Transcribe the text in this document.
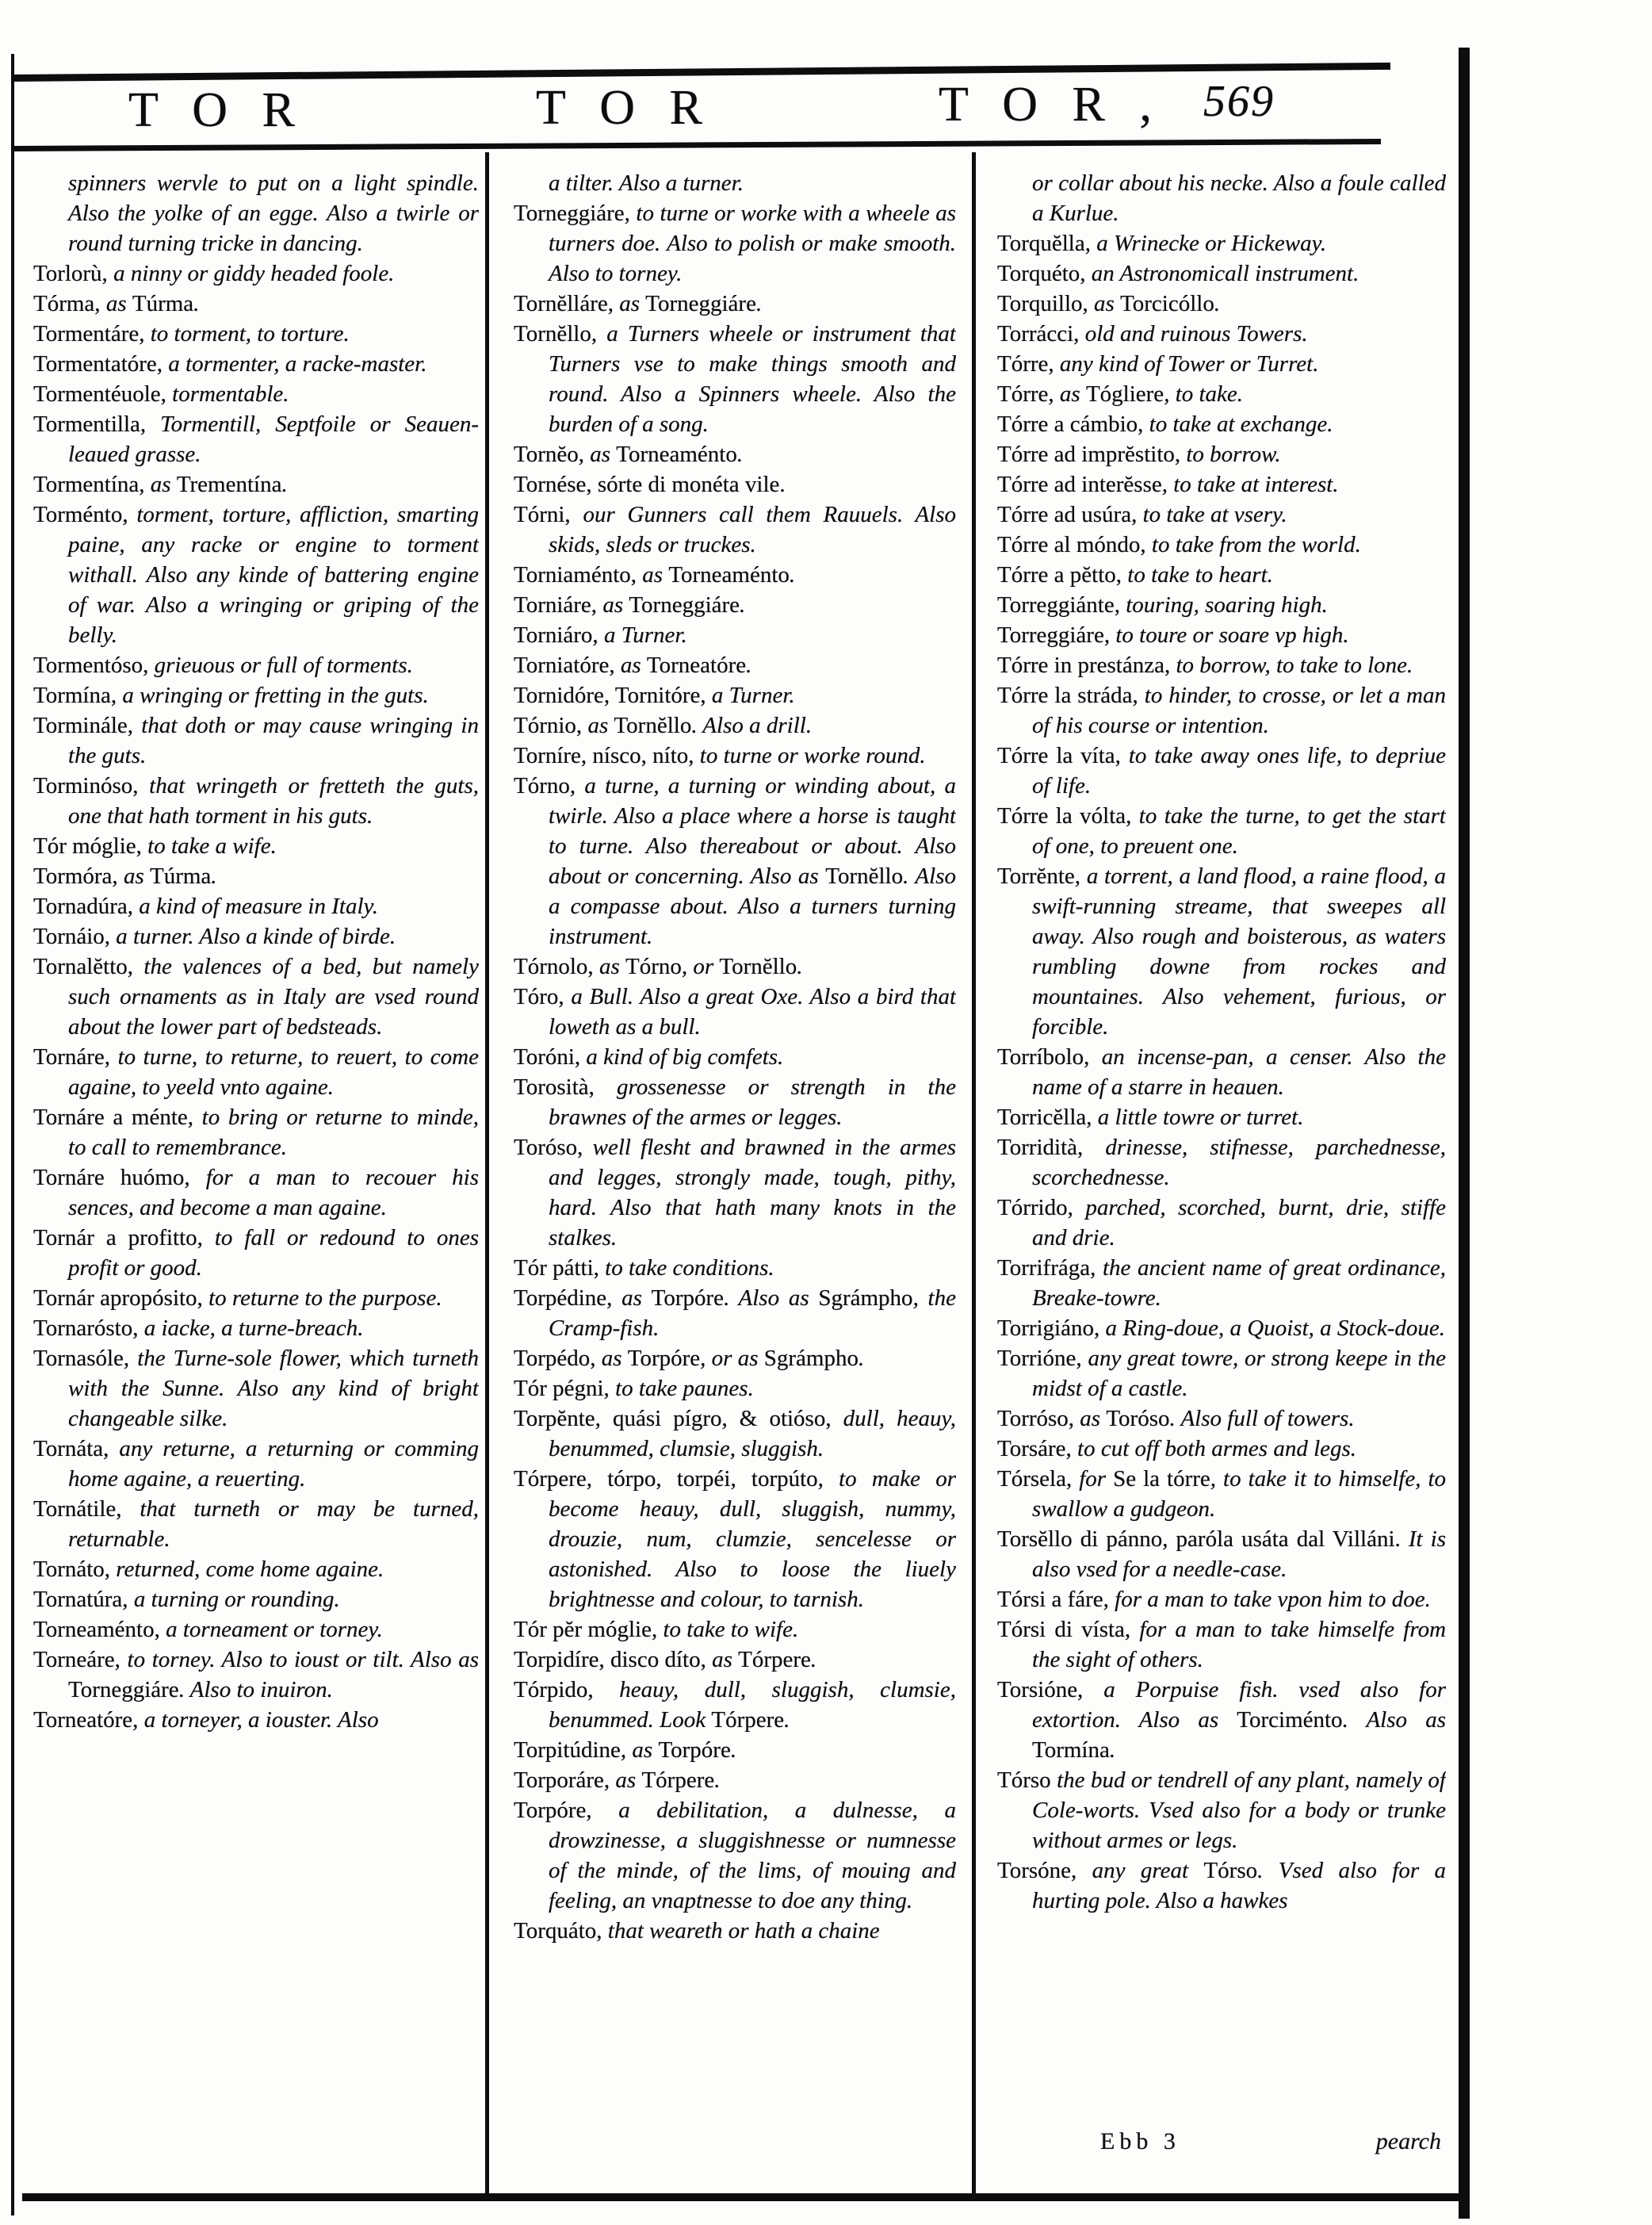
T O R	T O R	T O R , 569
spinners wervle to put on a light spindle. Also the yolke of an egge. Also a twirle or round turning tricke in dancing.
Torlorù, a ninny or giddy headed foole.
Tórma, as Túrma.
Tormentáre, to torment, to torture.
Tormentatóre, a tormenter, a racke-master.
Tormentéuole, tormentable.
Tormentilla, Tormentill, Septfoile or Seauen-leaued grasse.
Tormentína, as Trementína.
Torménto, torment, torture, affliction, smarting paine, any racke or engine to torment withall. Also any kinde of battering engine of war. Also a wringing or griping of the belly.
Tormentóso, grieuous or full of torments.
Tormína, a wringing or fretting in the guts.
Torminále, that doth or may cause wringing in the guts.
Torminóso, that wringeth or fretteth the guts, one that hath torment in his guts.
Tór móglie, to take a wife.
Tormóra, as Túrma.
Tornadúra, a kind of measure in Italy.
Tornáio, a turner. Also a kinde of birde.
Tornalĕtto, the valences of a bed, but namely such ornaments as in Italy are vsed round about the lower part of bedsteads.
Tornáre, to turne, to returne, to reuert, to come againe, to yeeld vnto againe.
Tornáre a ménte, to bring or returne to minde, to call to remembrance.
Tornáre huómo, for a man to recouer his sences, and become a man againe.
Tornár a profitto, to fall or redound to ones profit or good.
Tornár apropósito, to returne to the purpose.
Tornarósto, a iacke, a turne-breach.
Tornasóle, the Turne-sole flower, which turneth with the Sunne. Also any kind of bright changeable silke.
Tornáta, any returne, a returning or comming home againe, a reuerting.
Tornátile, that turneth or may be turned, returnable.
Tornáto, returned, come home againe.
Tornatúra, a turning or rounding.
Torneaménto, a torneament or torney.
Torneáre, to torney. Also to ioust or tilt. Also as Torneggiáre. Also to inuiron.
Torneatóre, a torneyer, a iouster. Also
a tilter. Also a turner.
Torneggiáre, to turne or worke with a wheele as turners doe. Also to polish or make smooth. Also to torney.
Tornĕlláre, as Torneggiáre.
Tornĕllo, a Turners wheele or instrument that Turners vse to make things smooth and round. Also a Spinners wheele. Also the burden of a song.
Tornĕo, as Torneaménto.
Tornése, sórte di monéta vile.
Tórni, our Gunners call them Rauuels. Also skids, sleds or truckes.
Torniaménto, as Torneaménto.
Torniáre, as Torneggiáre.
Torniáro, a Turner.
Torniatóre, as Torneatóre.
Tornidóre, Tornitóre, a Turner.
Tórnio, as Tornĕllo. Also a drill.
Torníre, nísco, níto, to turne or worke round.
Tórno, a turne, a turning or winding about, a twirle. Also a place where a horse is taught to turne. Also thereabout or about. Also about or concerning. Also as Tornĕllo. Also a compasse about. Also a turners turning instrument.
Tórnolo, as Tórno, or Tornĕllo.
Tóro, a Bull. Also a great Oxe. Also a bird that loweth as a bull.
Toróni, a kind of big comfets.
Torosità, grossenesse or strength in the brawnes of the armes or legges.
Toróso, well flesht and brawned in the armes and legges, strongly made, tough, pithy, hard. Also that hath many knots in the stalkes.
Tór pátti, to take conditions.
Torpédine, as Torpóre. Also as Sgrámpho, the Cramp-fish.
Torpédo, as Torpóre, or as Sgrámpho.
Tór pégni, to take paunes.
Torpĕnte, quási pígro, & otióso, dull, heauy, benummed, clumsie, sluggish.
Tórpere, tórpo, torpéi, torpúto, to make or become heauy, dull, sluggish, nummy, drouzie, num, clumzie, sencelesse or astonished. Also to loose the liuely brightnesse and colour, to tarnish.
Tór pĕr móglie, to take to wife.
Torpidíre, disco díto, as Tórpere.
Tórpido, heauy, dull, sluggish, clumsie, benummed. Look Tórpere.
Torpitúdine, as Torpóre.
Torporáre, as Tórpere.
Torpóre, a debilitation, a dulnesse, a drowzinesse, a sluggishnesse or numnesse of the minde, of the lims, of mouing and feeling, an vnaptnesse to doe any thing.
Torquáto, that weareth or hath a chaine
or collar about his necke. Also a foule called a Kurlue.
Torquĕlla, a Wrinecke or Hickeway.
Torquéto, an Astronomicall instrument.
Torquillo, as Torcicóllo.
Torrácci, old and ruinous Towers.
Tórre, any kind of Tower or Turret.
Tórre, as Tógliere, to take.
Tórre a cámbio, to take at exchange.
Tórre ad imprĕstito, to borrow.
Tórre ad interĕsse, to take at interest.
Tórre ad usúra, to take at vsery.
Tórre al móndo, to take from the world.
Tórre a pĕtto, to take to heart.
Torreggiánte, touring, soaring high.
Torreggiáre, to toure or soare vp high.
Tórre in prestánza, to borrow, to take to lone.
Tórre la stráda, to hinder, to crosse, or let a man of his course or intention.
Tórre la víta, to take away ones life, to depriue of life.
Tórre la vólta, to take the turne, to get the start of one, to preuent one.
Torrĕnte, a torrent, a land flood, a raine flood, a swift-running streame, that sweepes all away. Also rough and boisterous, as waters rumbling downe from rockes and mountaines. Also vehement, furious, or forcible.
Torríbolo, an incense-pan, a censer. Also the name of a starre in heauen.
Torricĕlla, a little towre or turret.
Torridità, drinesse, stifnesse, parchednesse, scorchednesse.
Tórrido, parched, scorched, burnt, drie, stiffe and drie.
Torrifrága, the ancient name of great ordinance, Breake-towre.
Torrigiáno, a Ring-doue, a Quoist, a Stock-doue.
Torrióne, any great towre, or strong keepe in the midst of a castle.
Torróso, as Toróso. Also full of towers.
Torsáre, to cut off both armes and legs.
Tórsela, for Se la tórre, to take it to himselfe, to swallow a gudgeon.
Torsĕllo di pánno, paróla usáta dal Villáni. It is also vsed for a needle-case.
Tórsi a fáre, for a man to take vpon him to doe.
Tórsi di vísta, for a man to take himselfe from the sight of others.
Torsióne, a Porpuise fish. vsed also for extortion. Also as Torciménto. Also as Tormína.
Tórso the bud or tendrell of any plant, namely of Cole-worts. Vsed also for a body or trunke without armes or legs.
Torsóne, any great Tórso. Vsed also for a hurting pole. Also a hawkes
Ebb 3	pearch
